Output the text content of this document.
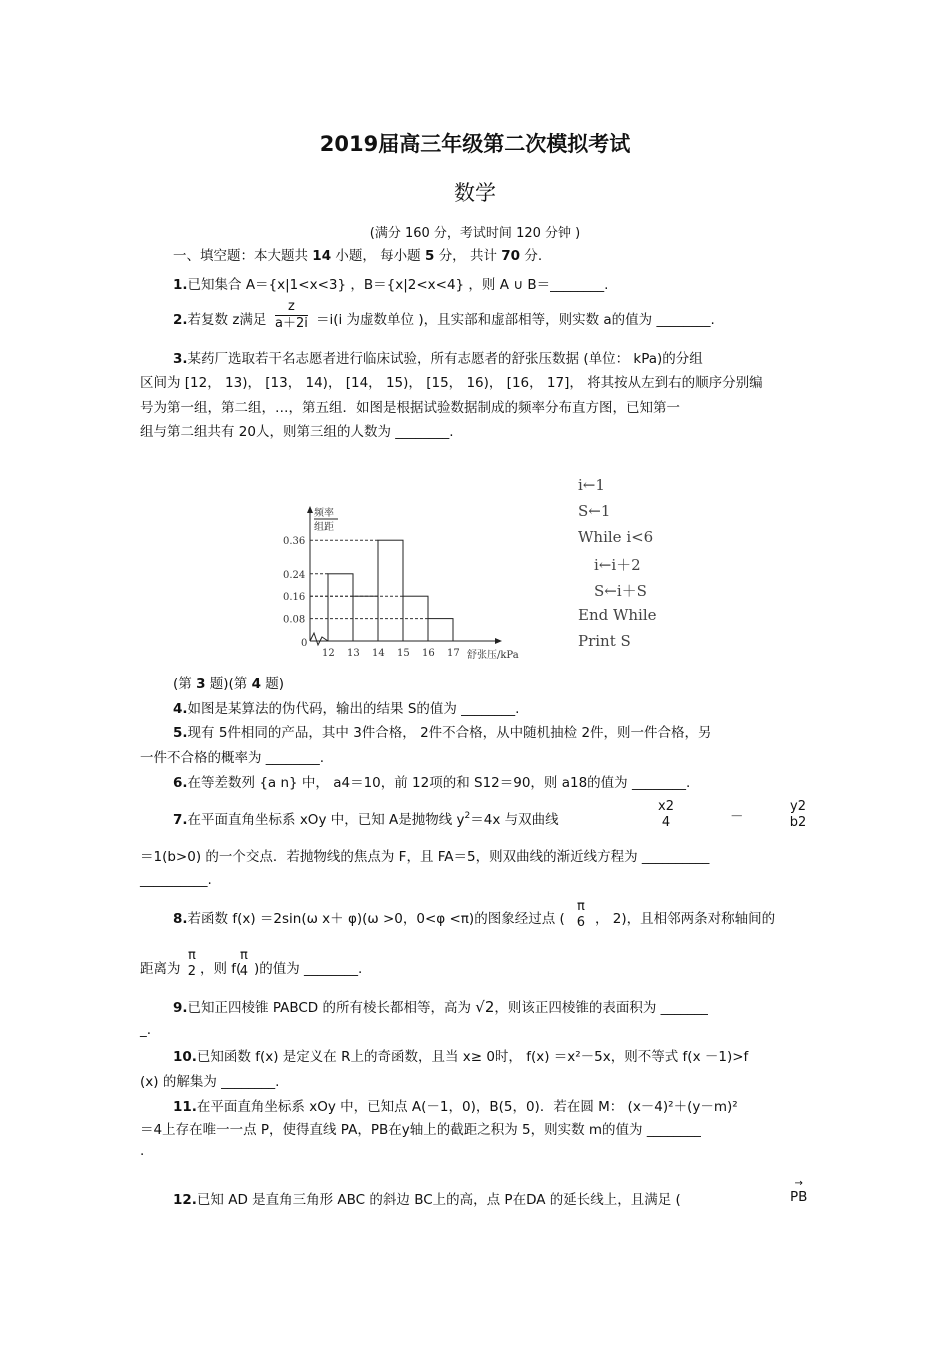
2019届高三年级第二次模拟考试
数学
(满分 160 分，考试时间 120 分钟 )
一、填空题：本大题共 14 小题， 每小题 5 分， 共计 70 分.
1.已知集合 A＝{x|1<x<3} ，B＝{x|2<x<4} ，则 A ∪ B＝________.
2.若复数 z满足 $\frac{z}{a+2i} =i(i$ 为虚数单位 )，且实部和虚部相等，则实数 a的值为 ________.
3.某药厂选取若干名志愿者进行临床试验，所有志愿者的舒张压数据 (单位： kPa)的分组
区间为 [12， 13)， [13， 14)， [14， 15)， [15， 16)， [16， 17]， 将其按从左到右的顺序分别编
号为第一组，第二组，…，第五组．如图是根据试验数据制成的频率分布直方图，已知第一
组与第二组共有 20人，则第三组的人数为 ________.
频率
组距
0
0.08
0.16
0.24
0.36
12 13 14 15 16 17 舒张压/kPa
(第 3 题)(第 4 题)
4.如图是某算法的伪代码，输出的结果 S的值为 ________.
5.现有 5件相同的产品，其中 3件合格， 2件不合格，从中随机抽检 2件，则一件合格，另
一件不合格的概率为 ________.
6.在等差数列 {a n} 中， a4＝10，前 12项的和 S12＝90，则 a18的值为 ________.
7.在平面直角坐标系 xOy 中，已知 A是抛物线 $y^2=4x$ 与双曲线
x2
4	－
y2
b2
＝1(b>0) 的一个交点．若抛物线的焦点为 F，且 FA＝5，则双曲线的渐近线方程为 __________
__________.
8.若函数 f(x) ＝2sin(ω x＋ φ)(ω >0，0<φ <π)的图象经过点 (
π
6 ， 2)，且相邻两条对称轴间的
距离为
π
2 ，则 f(
π
4 )的值为 ________.
9.已知正四棱锥 PABCD 的所有棱长都相等，高为 √2，则该正四棱锥的表面积为 _______
_.
10.已知函数 f(x) 是定义在 R上的奇函数，且当 x≥ 0时， f(x) ＝x²－5x，则不等式 f(x －1)>f
(x) 的解集为 ________.
11.在平面直角坐标系 xOy 中，已知点 A(－1，0)，B(5，0)．若在圆 M： (x－4)²＋(y－m)²
＝4上存在唯一一点 P，使得直线 PA，PB在y轴上的截距之积为 5，则实数 m的值为 ________
.
12.已知 AD 是直角三角形 ABC 的斜边 BC上的高，点 P在DA 的延长线上，且满足 (
→
PB
i←1
S←1
While i<6
i←i＋2
S←i＋S
End While
Print S
